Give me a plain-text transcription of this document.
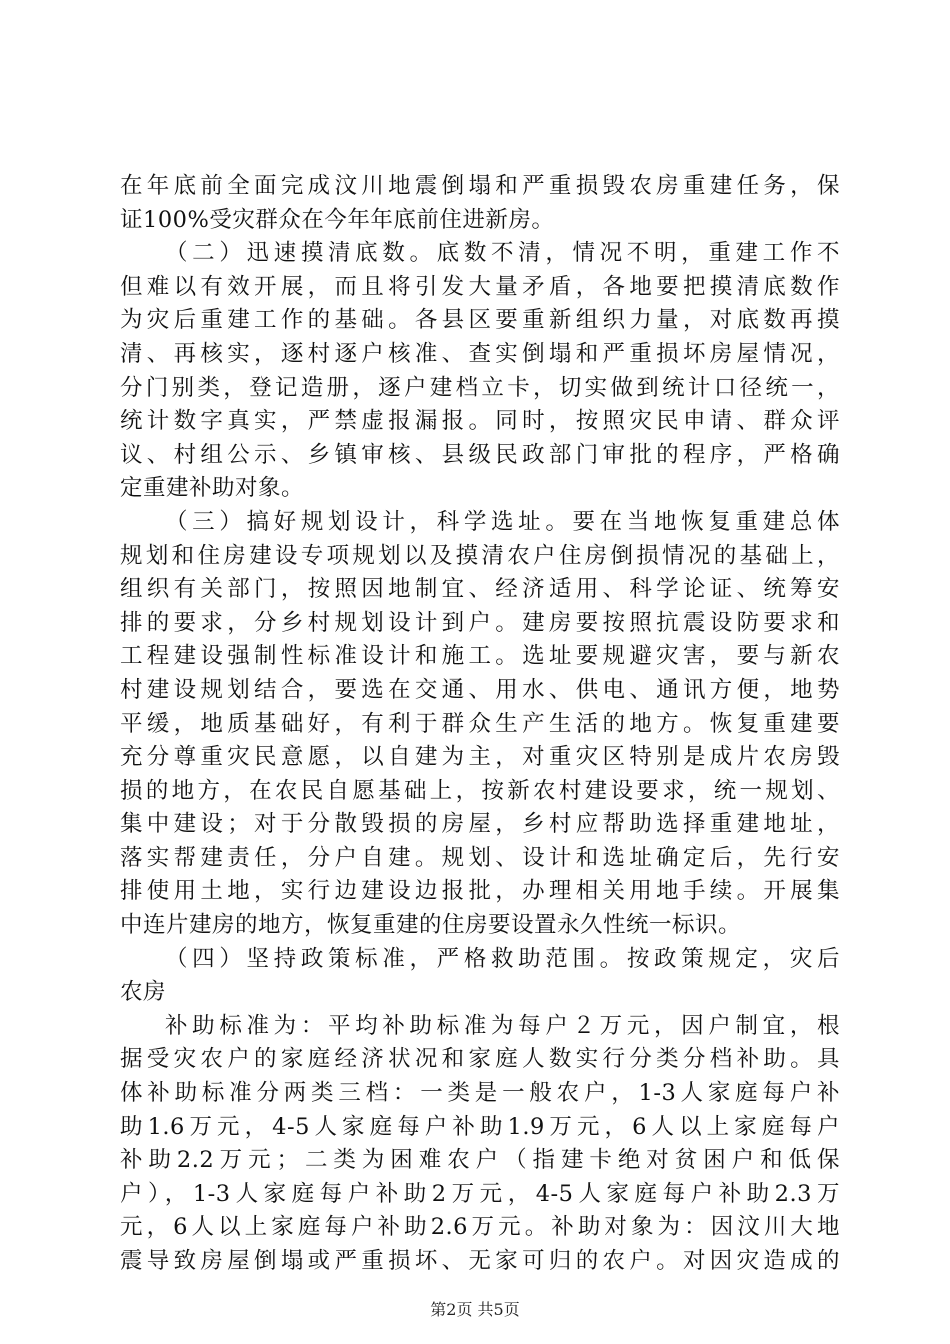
在年底前全面完成汶川地震倒塌和严重损毁农房重建任务，保
证100%受灾群众在今年年底前住进新房。
（二）迅速摸清底数。底数不清，情况不明，重建工作不
但难以有效开展，而且将引发大量矛盾，各地要把摸清底数作
为灾后重建工作的基础。各县区要重新组织力量，对底数再摸
清、再核实，逐村逐户核准、查实倒塌和严重损坏房屋情况，
分门别类，登记造册，逐户建档立卡，切实做到统计口径统一，
统计数字真实，严禁虚报漏报。同时，按照灾民申请、群众评
议、村组公示、乡镇审核、县级民政部门审批的程序，严格确
定重建补助对象。
（三）搞好规划设计，科学选址。要在当地恢复重建总体
规划和住房建设专项规划以及摸清农户住房倒损情况的基础上，
组织有关部门，按照因地制宜、经济适用、科学论证、统筹安
排的要求，分乡村规划设计到户。建房要按照抗震设防要求和
工程建设强制性标准设计和施工。选址要规避灾害，要与新农
村建设规划结合，要选在交通、用水、供电、通讯方便，地势
平缓，地质基础好，有利于群众生产生活的地方。恢复重建要
充分尊重灾民意愿，以自建为主，对重灾区特别是成片农房毁
损的地方，在农民自愿基础上，按新农村建设要求，统一规划、
集中建设；对于分散毁损的房屋，乡村应帮助选择重建地址，
落实帮建责任，分户自建。规划、设计和选址确定后，先行安
排使用土地，实行边建设边报批，办理相关用地手续。开展集
中连片建房的地方，恢复重建的住房要设置永久性统一标识。
（四）坚持政策标准，严格救助范围。按政策规定，灾后
农房
补助标准为：平均补助标准为每户２万元，因户制宜，根
据受灾农户的家庭经济状况和家庭人数实行分类分档补助。具
体补助标准分两类三档：一类是一般农户，1-3人家庭每户补
助1.6万元，4-5人家庭每户补助1.9万元，6人以上家庭每户
补助2.2万元；二类为困难农户（指建卡绝对贫困户和低保
户），1-3人家庭每户补助2万元，4-5人家庭每户补助2.3万
元，6人以上家庭每户补助2.6万元。补助对象为：因汶川大地
震导致房屋倒塌或严重损坏、无家可归的农户。对因灾造成的
第2页 共5页
